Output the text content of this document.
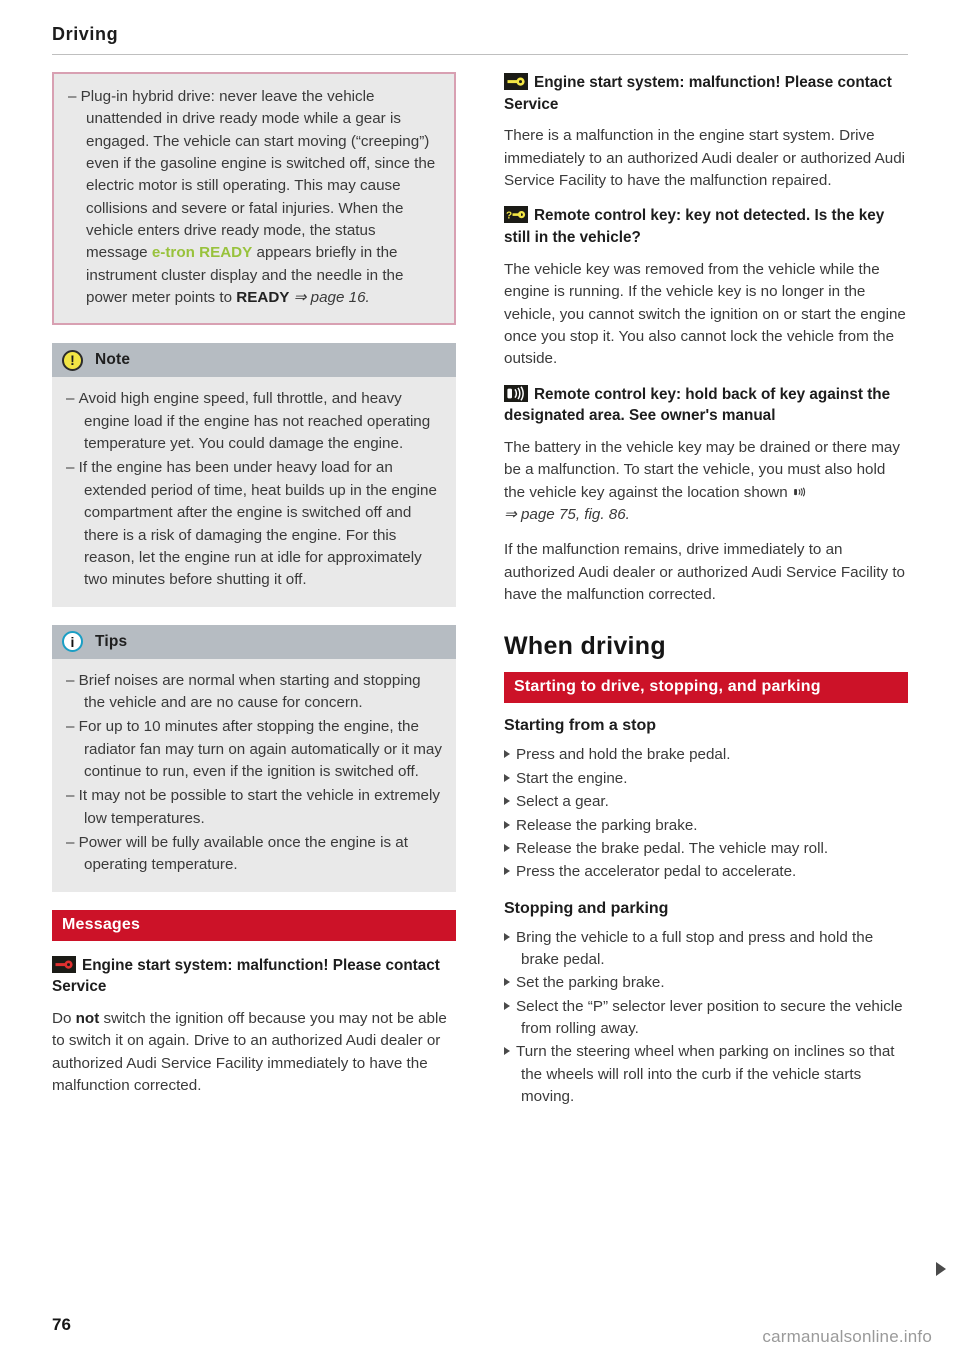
Driving
– Plug-in hybrid drive: never leave the vehicle unattended in drive ready mode while a gear is engaged. The vehicle can start moving (“creeping”) even if the gasoline engine is switched off, since the electric motor is still operating. This may cause collisions and severe or fatal injuries. When the vehicle enters drive ready mode, the status message e-tron READY appears briefly in the instrument cluster display and the needle in the power meter points to READY ⇒ page 16.
!	Note
– Avoid high engine speed, full throttle, and heavy engine load if the engine has not reached operating temperature yet. You could damage the engine.
– If the engine has been under heavy load for an extended period of time, heat builds up in the engine compartment after the engine is switched off and there is a risk of damaging the engine. For this reason, let the engine run at idle for approximately two minutes before shutting it off.
i	Tips
– Brief noises are normal when starting and stopping the vehicle and are no cause for concern.
– For up to 10 minutes after stopping the engine, the radiator fan may turn on again automatically or it may continue to run, even if the ignition is switched off.
– It may not be possible to start the vehicle in extremely low temperatures.
– Power will be fully available once the engine is at operating temperature.
Messages
Engine start system: malfunction! Please contact Service

Do not switch the ignition off because you may not be able to switch it on again. Drive to an authorized Audi dealer or authorized Audi Service Facility immediately to have the malfunction corrected.

Engine start system: malfunction! Please contact Service

There is a malfunction in the engine start system. Drive immediately to an authorized Audi dealer or authorized Audi Service Facility to have the malfunction repaired.

? Remote control key: key not detected. Is the key still in the vehicle?

The vehicle key was removed from the vehicle while the engine is running. If the vehicle key is no longer in the vehicle, you cannot switch the ignition on or start the engine once you stop it. You also cannot lock the vehicle from the outside.

Remote control key: hold back of key against the designated area. See owner's manual

The battery in the vehicle key may be drained or there may be a malfunction. To start the vehicle, you must also hold the vehicle key against the location shown  ⇒ page 75, fig. 86.

If the malfunction remains, drive immediately to an authorized Audi dealer or authorized Audi Service Facility to have the malfunction corrected.

When driving
Starting to drive, stopping, and parking
Starting from a stop
Press and hold the brake pedal.
Start the engine.
Select a gear.
Release the parking brake.
Release the brake pedal. The vehicle may roll.
Press the accelerator pedal to accelerate.
Stopping and parking
Bring the vehicle to a full stop and press and hold the brake pedal.
Set the parking brake.
Select the “P” selector lever position to secure the vehicle from rolling away.
Turn the steering wheel when parking on inclines so that the wheels will roll into the curb if the vehicle starts moving.
76
carmanualsonline.info
